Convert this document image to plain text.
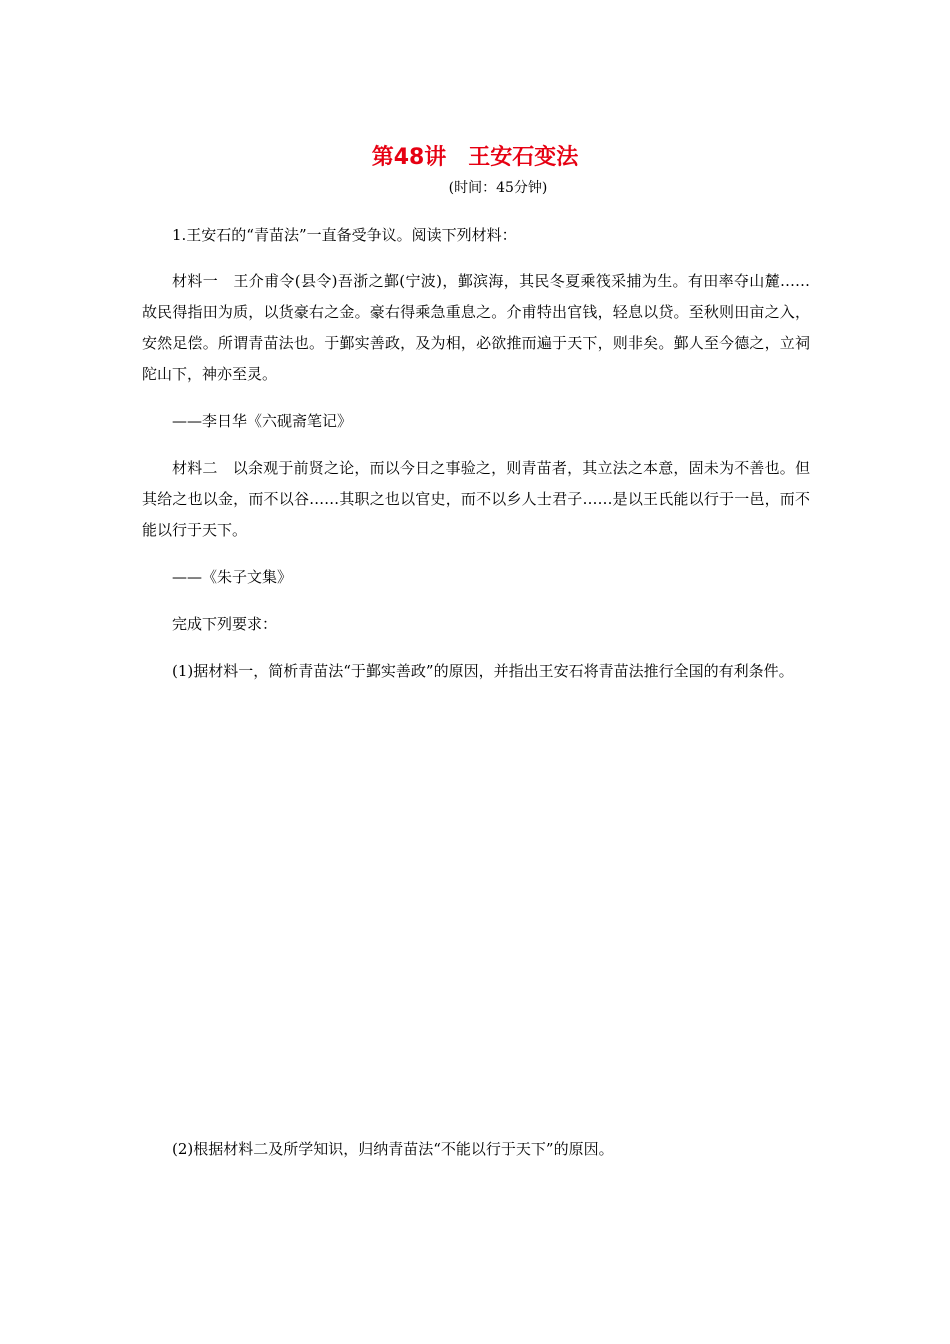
第48讲　王安石变法
(时间：45分钟)

1.王安石的“青苗法”一直备受争议。阅读下列材料：

材料一　王介甫令(县令)吾浙之鄞(宁波)，鄞滨海，其民冬夏乘筏采捕为生。有田率夺山麓……故民得指田为质，以货豪右之金。豪右得乘急重息之。介甫特出官钱，轻息以贷。至秋则田亩之入，安然足偿。所谓青苗法也。于鄞实善政，及为相，必欲推而遍于天下，则非矣。鄞人至今德之，立祠陀山下，神亦至灵。

——李日华《六砚斋笔记》

材料二　以余观于前贤之论，而以今日之事验之，则青苗者，其立法之本意，固未为不善也。但其给之也以金，而不以谷……其职之也以官史，而不以乡人士君子……是以王氏能以行于一邑，而不能以行于天下。

——《朱子文集》

完成下列要求：

(1)据材料一，简析青苗法“于鄞实善政”的原因，并指出王安石将青苗法推行全国的有利条件。

(2)根据材料二及所学知识，归纳青苗法“不能以行于天下”的原因。
